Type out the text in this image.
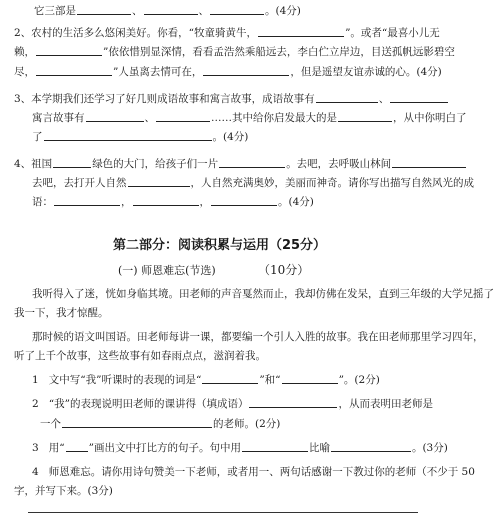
它三部是	、	、	。(4分)
2、农村的生活多么悠闲美好。你看，“牧童骑黄牛，	”。或者“最喜小儿无
赖，	”依依惜别显深情，看看孟浩然乘船远去，李白伫立岸边，目送孤帆远影碧空
尽，	”人虽离去情可在，	，但是遥望友谊赤诚的心。(4分)
3、本学期我们还学习了好几则成语故事和寓言故事，成语故事有	、
寓言故事有	、	……其中给你启发最大的是	，从中你明白了
了	。(4分)
4、祖国	绿色的大门，给孩子们一片	。去吧，去呼吸山林间
去吧，去打开人自然	，人自然充满奥妙，美丽而神奇。请你写出描写自然风光的成
语：	，	，	。(4分)
第二部分：阅读积累与运用（25分）
(一) 师恩难忘(节选)	（10分）
我听得入了迷，恍如身临其境。田老师的声音戛然而止，我却仿佛在发呆，直到三年级的大学兄摇了
我一下，我才惊醒。
那时候的语文叫国语。田老师每讲一课，都要编一个引人入胜的故事。我在田老师那里学习四年，
听了上千个故事，这些故事有如春雨点点，滋润着我。
1 文中写“我”听课时的表现的词是“	”和“	”。(2分)
2 “我”的表现说明田老师的课讲得（填成语）	，从而表明田老师是
一个	的老师。(2分)
3 用“ ”画出文中打比方的句子。句中用	比喻	。(3分)
4 师恩难忘。请你用诗句赞美一下老师，或者用一、两句话感谢一下教过你的老师（不少于 50
字，并写下来。(3分)
